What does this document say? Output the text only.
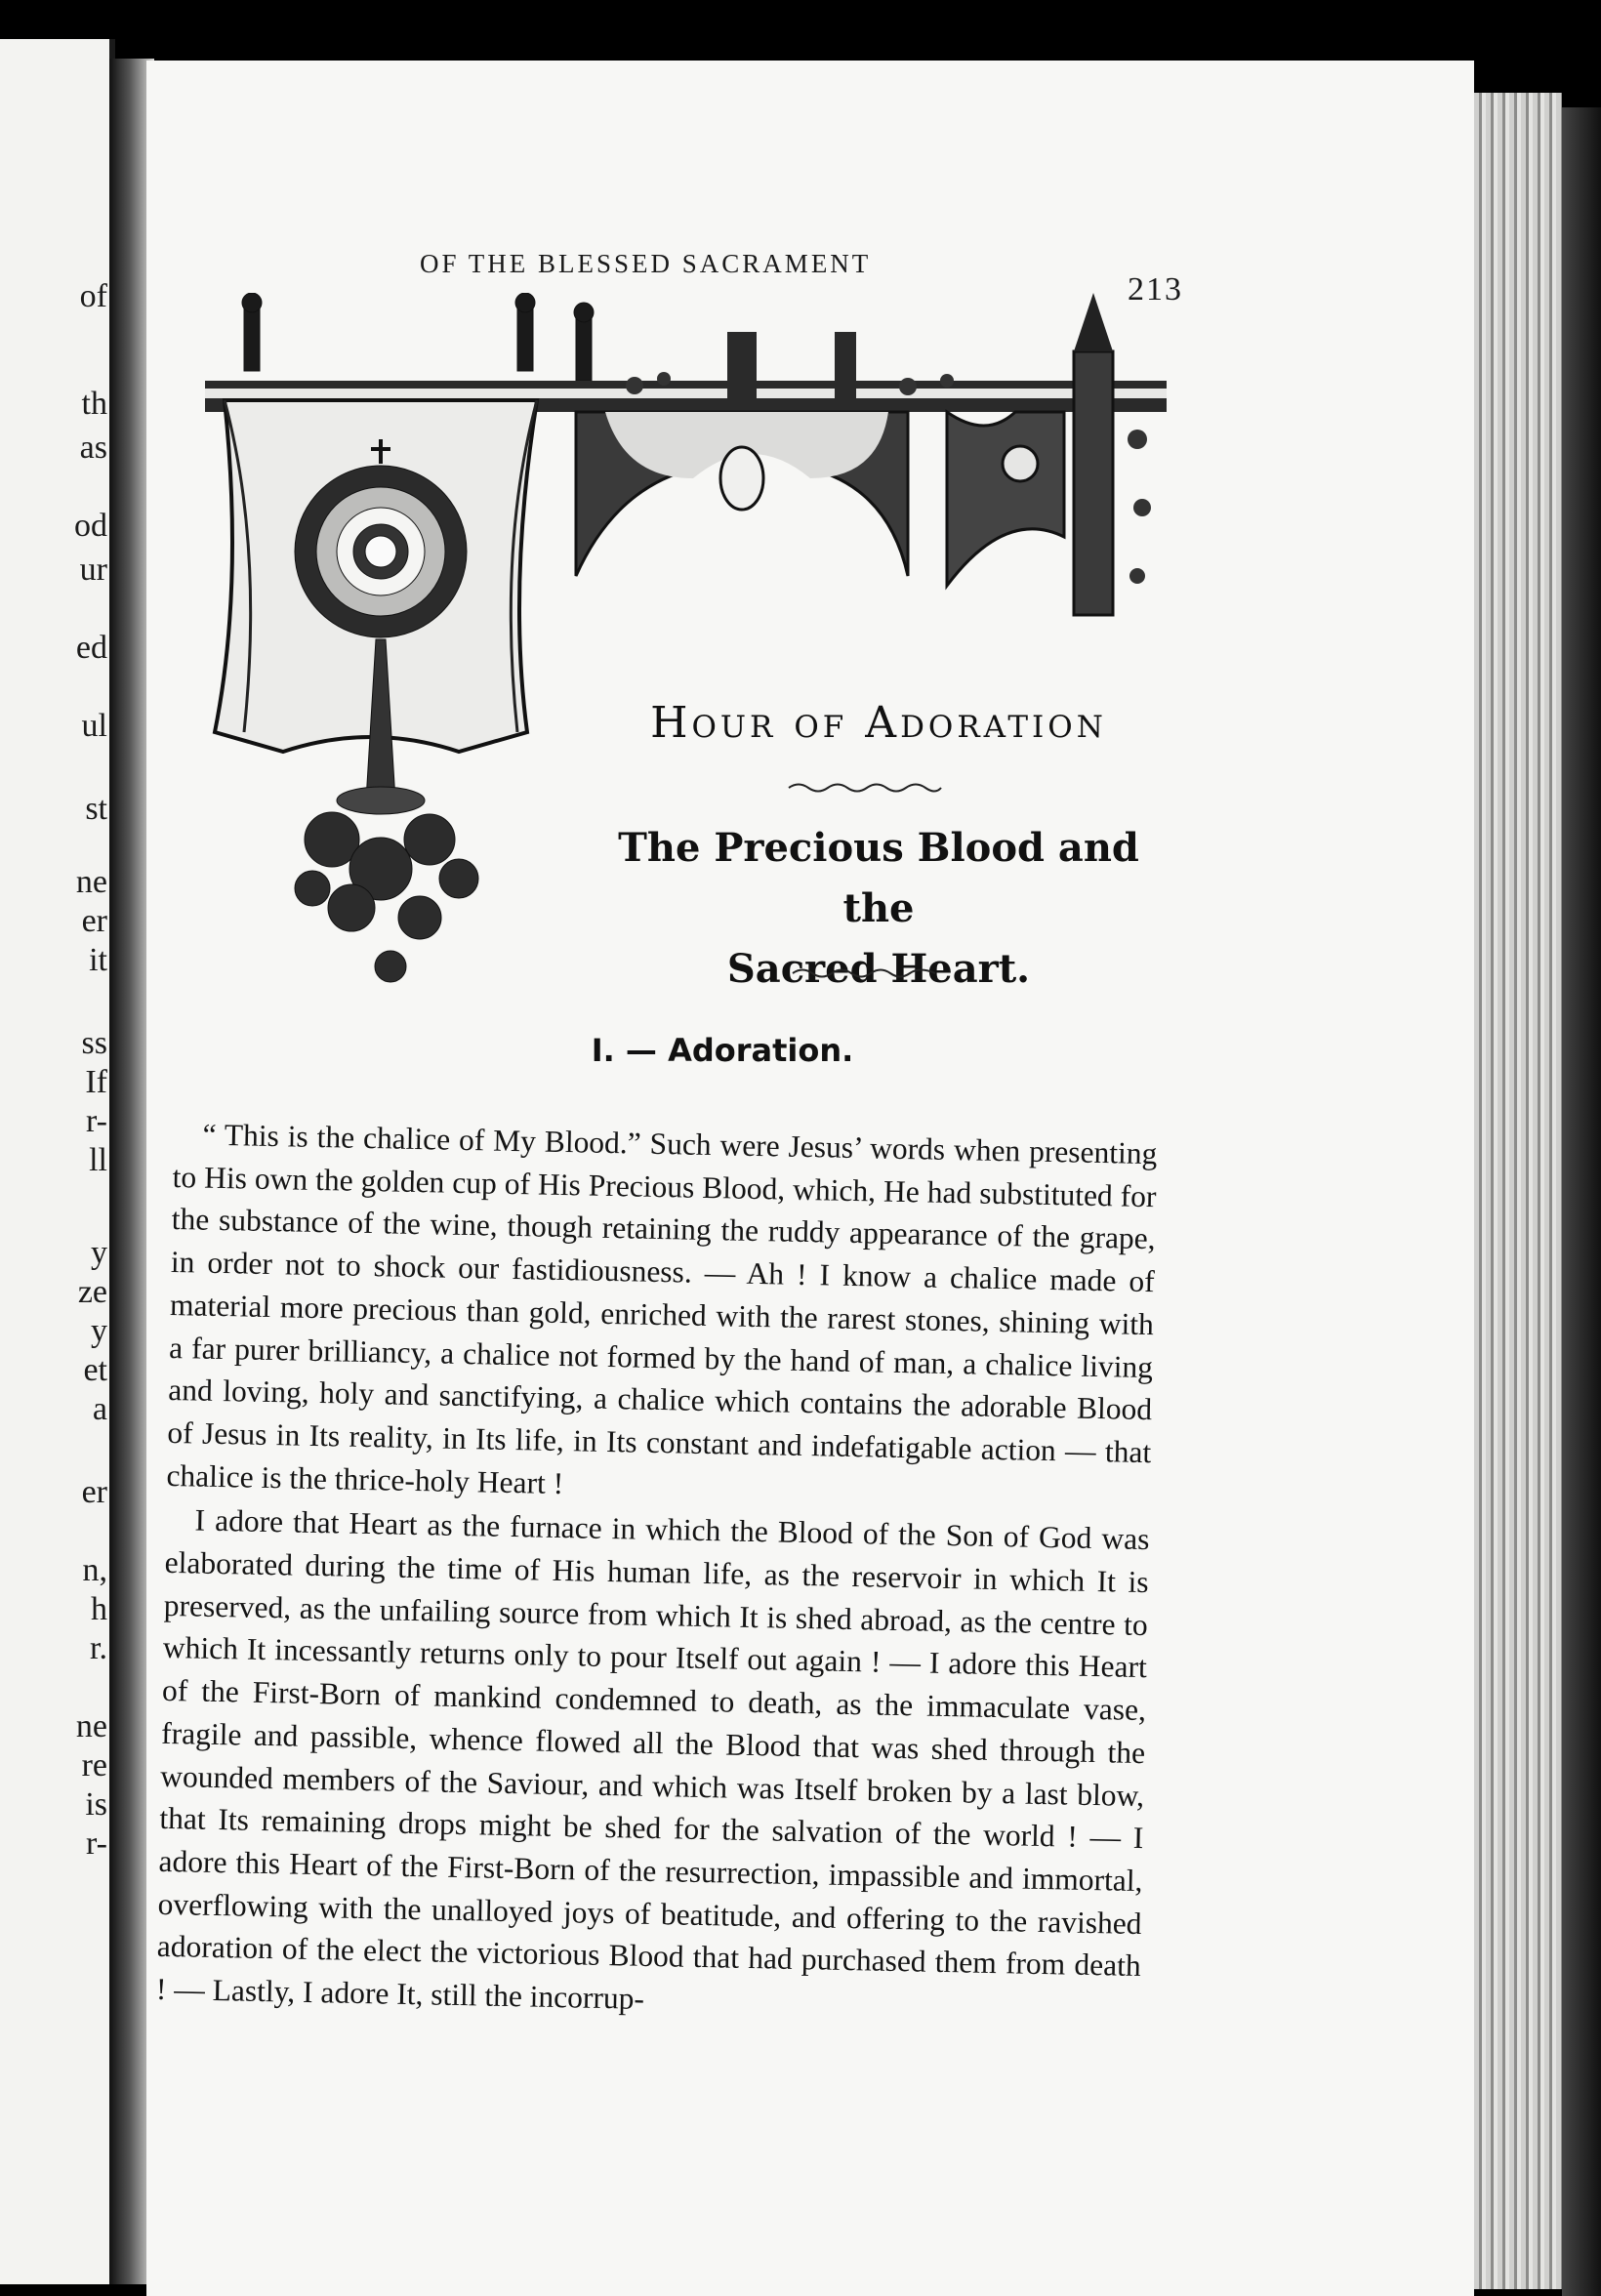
of
th
as
od
ur
ed
ul
st
ne
er
it
ss
If
r-
ll
y
ze
y
et
a
er
n,
h
r.
ne
re
is
r-
OF THE BLESSED SACRAMENT
213
Hour of Adoration
The Precious Blood and the
Sacred Heart.
I. — Adoration.

“ This is the chalice of My Blood.” Such were Jesus’ words when presenting to His own the golden cup of His Precious Blood, which, He had substituted for the substance of the wine, though retaining the ruddy appearance of the grape, in order not to shock our fastidiousness. — Ah ! I know a chalice made of material more precious than gold, enriched with the rarest stones, shining with a far purer brilliancy, a chalice not formed by the hand of man, a chalice living and loving, holy and sanctifying, a chalice which contains the adorable Blood of Jesus in Its reality, in Its life, in Its constant and indefatigable action — that chalice is the thrice-holy Heart !

I adore that Heart as the furnace in which the Blood of the Son of God was elaborated during the time of His human life, as the reservoir in which It is preserved, as the unfailing source from which It is shed abroad, as the centre to which It incessantly returns only to pour Itself out again ! — I adore this Heart of the First-Born of mankind condemned to death, as the immaculate vase, fragile and passible, whence flowed all the Blood that was shed through the wounded members of the Saviour, and which was Itself broken by a last blow, that Its remaining drops might be shed for the salvation of the world ! — I adore this Heart of the First-Born of the resurrection, impassible and immortal, overflowing with the unalloyed joys of beatitude, and offering to the ravished adoration of the elect the victorious Blood that had purchased them from death ! — Lastly, I adore It, still the incorrup-
